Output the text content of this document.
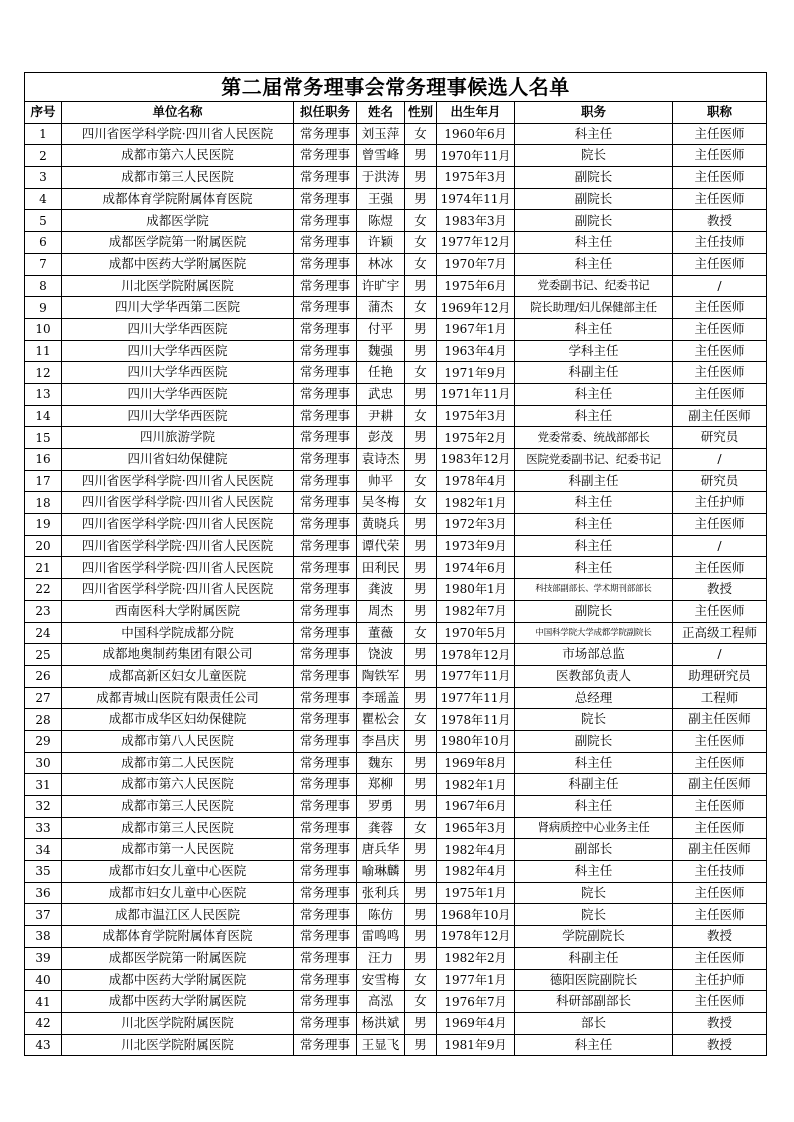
第二届常务理事会常务理事候选人名单							
序号	单位名称	拟任职务	姓名	性别	出生年月	职务	职称
1	四川省医学科学院·四川省人民医院	常务理事	刘玉萍	女	1960年6月	科主任	主任医师
2	成都市第六人民医院	常务理事	曾雪峰	男	1970年11月	院长	主任医师
3	成都市第三人民医院	常务理事	于洪涛	男	1975年3月	副院长	主任医师
4	成都体育学院附属体育医院	常务理事	王强	男	1974年11月	副院长	主任医师
5	成都医学院	常务理事	陈煜	女	1983年3月	副院长	教授
6	成都医学院第一附属医院	常务理事	许颖	女	1977年12月	科主任	主任技师
7	成都中医药大学附属医院	常务理事	林冰	女	1970年7月	科主任	主任医师
8	川北医学院附属医院	常务理事	许旷宇	男	1975年6月	党委副书记、纪委书记	/
9	四川大学华西第二医院	常务理事	蒲杰	女	1969年12月	院长助理/妇儿保健部主任	主任医师
10	四川大学华西医院	常务理事	付平	男	1967年1月	科主任	主任医师
11	四川大学华西医院	常务理事	魏强	男	1963年4月	学科主任	主任医师
12	四川大学华西医院	常务理事	任艳	女	1971年9月	科副主任	主任医师
13	四川大学华西医院	常务理事	武忠	男	1971年11月	科主任	主任医师
14	四川大学华西医院	常务理事	尹耕	女	1975年3月	科主任	副主任医师
15	四川旅游学院	常务理事	彭茂	男	1975年2月	党委常委、统战部部长	研究员
16	四川省妇幼保健院	常务理事	袁诗杰	男	1983年12月	医院党委副书记、纪委书记	/
17	四川省医学科学院·四川省人民医院	常务理事	帅平	女	1978年4月	科副主任	研究员
18	四川省医学科学院·四川省人民医院	常务理事	吴冬梅	女	1982年1月	科主任	主任护师
19	四川省医学科学院·四川省人民医院	常务理事	黄晓兵	男	1972年3月	科主任	主任医师
20	四川省医学科学院·四川省人民医院	常务理事	谭代荣	男	1973年9月	科主任	/
21	四川省医学科学院·四川省人民医院	常务理事	田利民	男	1974年6月	科主任	主任医师
22	四川省医学科学院·四川省人民医院	常务理事	龚波	男	1980年1月	科技部副部长、学术期刊部部长	教授
23	西南医科大学附属医院	常务理事	周杰	男	1982年7月	副院长	主任医师
24	中国科学院成都分院	常务理事	董薇	女	1970年5月	中国科学院大学成都学院副院长	正高级工程师
25	成都地奥制药集团有限公司	常务理事	饶波	男	1978年12月	市场部总监	/
26	成都高新区妇女儿童医院	常务理事	陶铁军	男	1977年11月	医教部负责人	助理研究员
27	成都青城山医院有限责任公司	常务理事	李瑶盖	男	1977年11月	总经理	工程师
28	成都市成华区妇幼保健院	常务理事	瞿松会	女	1978年11月	院长	副主任医师
29	成都市第八人民医院	常务理事	李昌庆	男	1980年10月	副院长	主任医师
30	成都市第二人民医院	常务理事	魏东	男	1969年8月	科主任	主任医师
31	成都市第六人民医院	常务理事	郑柳	男	1982年1月	科副主任	副主任医师
32	成都市第三人民医院	常务理事	罗勇	男	1967年6月	科主任	主任医师
33	成都市第三人民医院	常务理事	龚蓉	女	1965年3月	肾病质控中心业务主任	主任医师
34	成都市第一人民医院	常务理事	唐兵华	男	1982年4月	副部长	副主任医师
35	成都市妇女儿童中心医院	常务理事	喻琳麟	男	1982年4月	科主任	主任技师
36	成都市妇女儿童中心医院	常务理事	张利兵	男	1975年1月	院长	主任医师
37	成都市温江区人民医院	常务理事	陈仿	男	1968年10月	院长	主任医师
38	成都体育学院附属体育医院	常务理事	雷鸣鸣	男	1978年12月	学院副院长	教授
39	成都医学院第一附属医院	常务理事	汪力	男	1982年2月	科副主任	主任医师
40	成都中医药大学附属医院	常务理事	安雪梅	女	1977年1月	德阳医院副院长	主任护师
41	成都中医药大学附属医院	常务理事	高泓	女	1976年7月	科研部副部长	主任医师
42	川北医学院附属医院	常务理事	杨洪斌	男	1969年4月	部长	教授
43	川北医学院附属医院	常务理事	王显飞	男	1981年9月	科主任	教授
